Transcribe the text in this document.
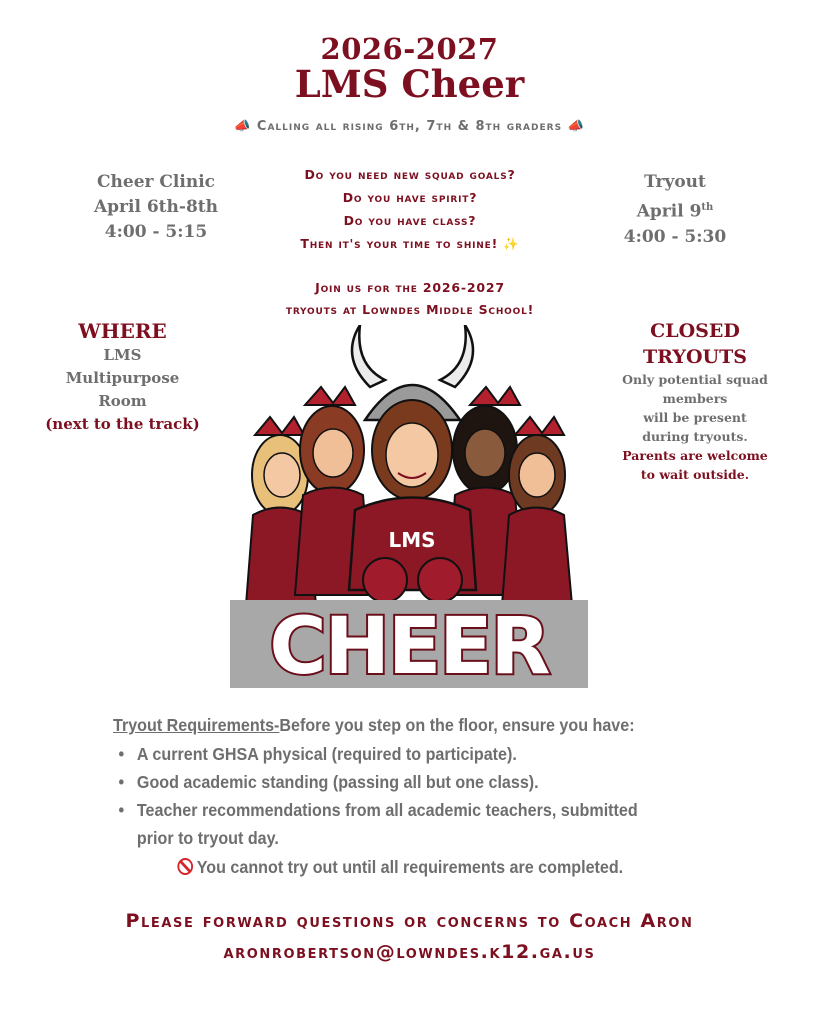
2026-2027
LMS Cheer
📣 Calling all rising 6th, 7th & 8th graders 📣
Cheer Clinic
April 6th-8th
4:00 - 5:15
Do you need new squad goals?
Do you have spirit?
Do you have class?
Then it's your time to shine! ✨
Tryout
April 9th
4:00 - 5:30
Join us for the 2026-2027
tryouts at Lowndes Middle School!
WHERE
LMS
Multipurpose
Room
(next to the track)
CLOSED
TRYOUTS
Only potential squad
members
will be present
during tryouts.
Parents are welcome
to wait outside.
LMS
CHEER
Tryout Requirements-Before you step on the floor, ensure you have:
• A current GHSA physical (required to participate).
• Good academic standing (passing all but one class).
• Teacher recommendations from all academic teachers, submitted prior to tryout day.
You cannot try out until all requirements are completed.
Please forward questions or concerns to Coach Aron
aronrobertson@lowndes.k12.ga.us
